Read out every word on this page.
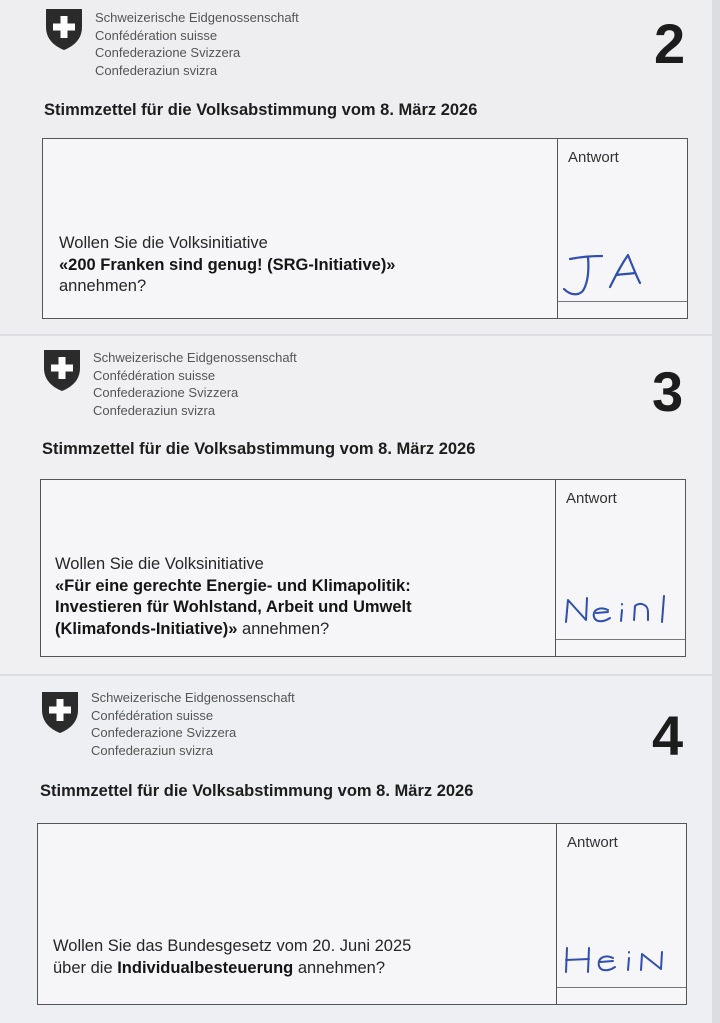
Schweizerische Eidgenossenschaft
Confédération suisse
Confederazione Svizzera
Confederaziun svizra	2
Stimmzettel für die Volksabstimmung vom 8. März 2026
Wollen Sie die Volksinitiative
«200 Franken sind genug! (SRG-Initiative)»
annehmen?
Antwort
Schweizerische Eidgenossenschaft
Confédération suisse
Confederazione Svizzera
Confederaziun svizra	3
Stimmzettel für die Volksabstimmung vom 8. März 2026
Wollen Sie die Volksinitiative
«Für eine gerechte Energie- und Klimapolitik:
Investieren für Wohlstand, Arbeit und Umwelt
(Klimafonds-Initiative)» annehmen?
Antwort
Schweizerische Eidgenossenschaft
Confédération suisse
Confederazione Svizzera
Confederaziun svizra	4
Stimmzettel für die Volksabstimmung vom 8. März 2026
Wollen Sie das Bundesgesetz vom 20. Juni 2025
über die Individualbesteuerung annehmen?
Antwort
